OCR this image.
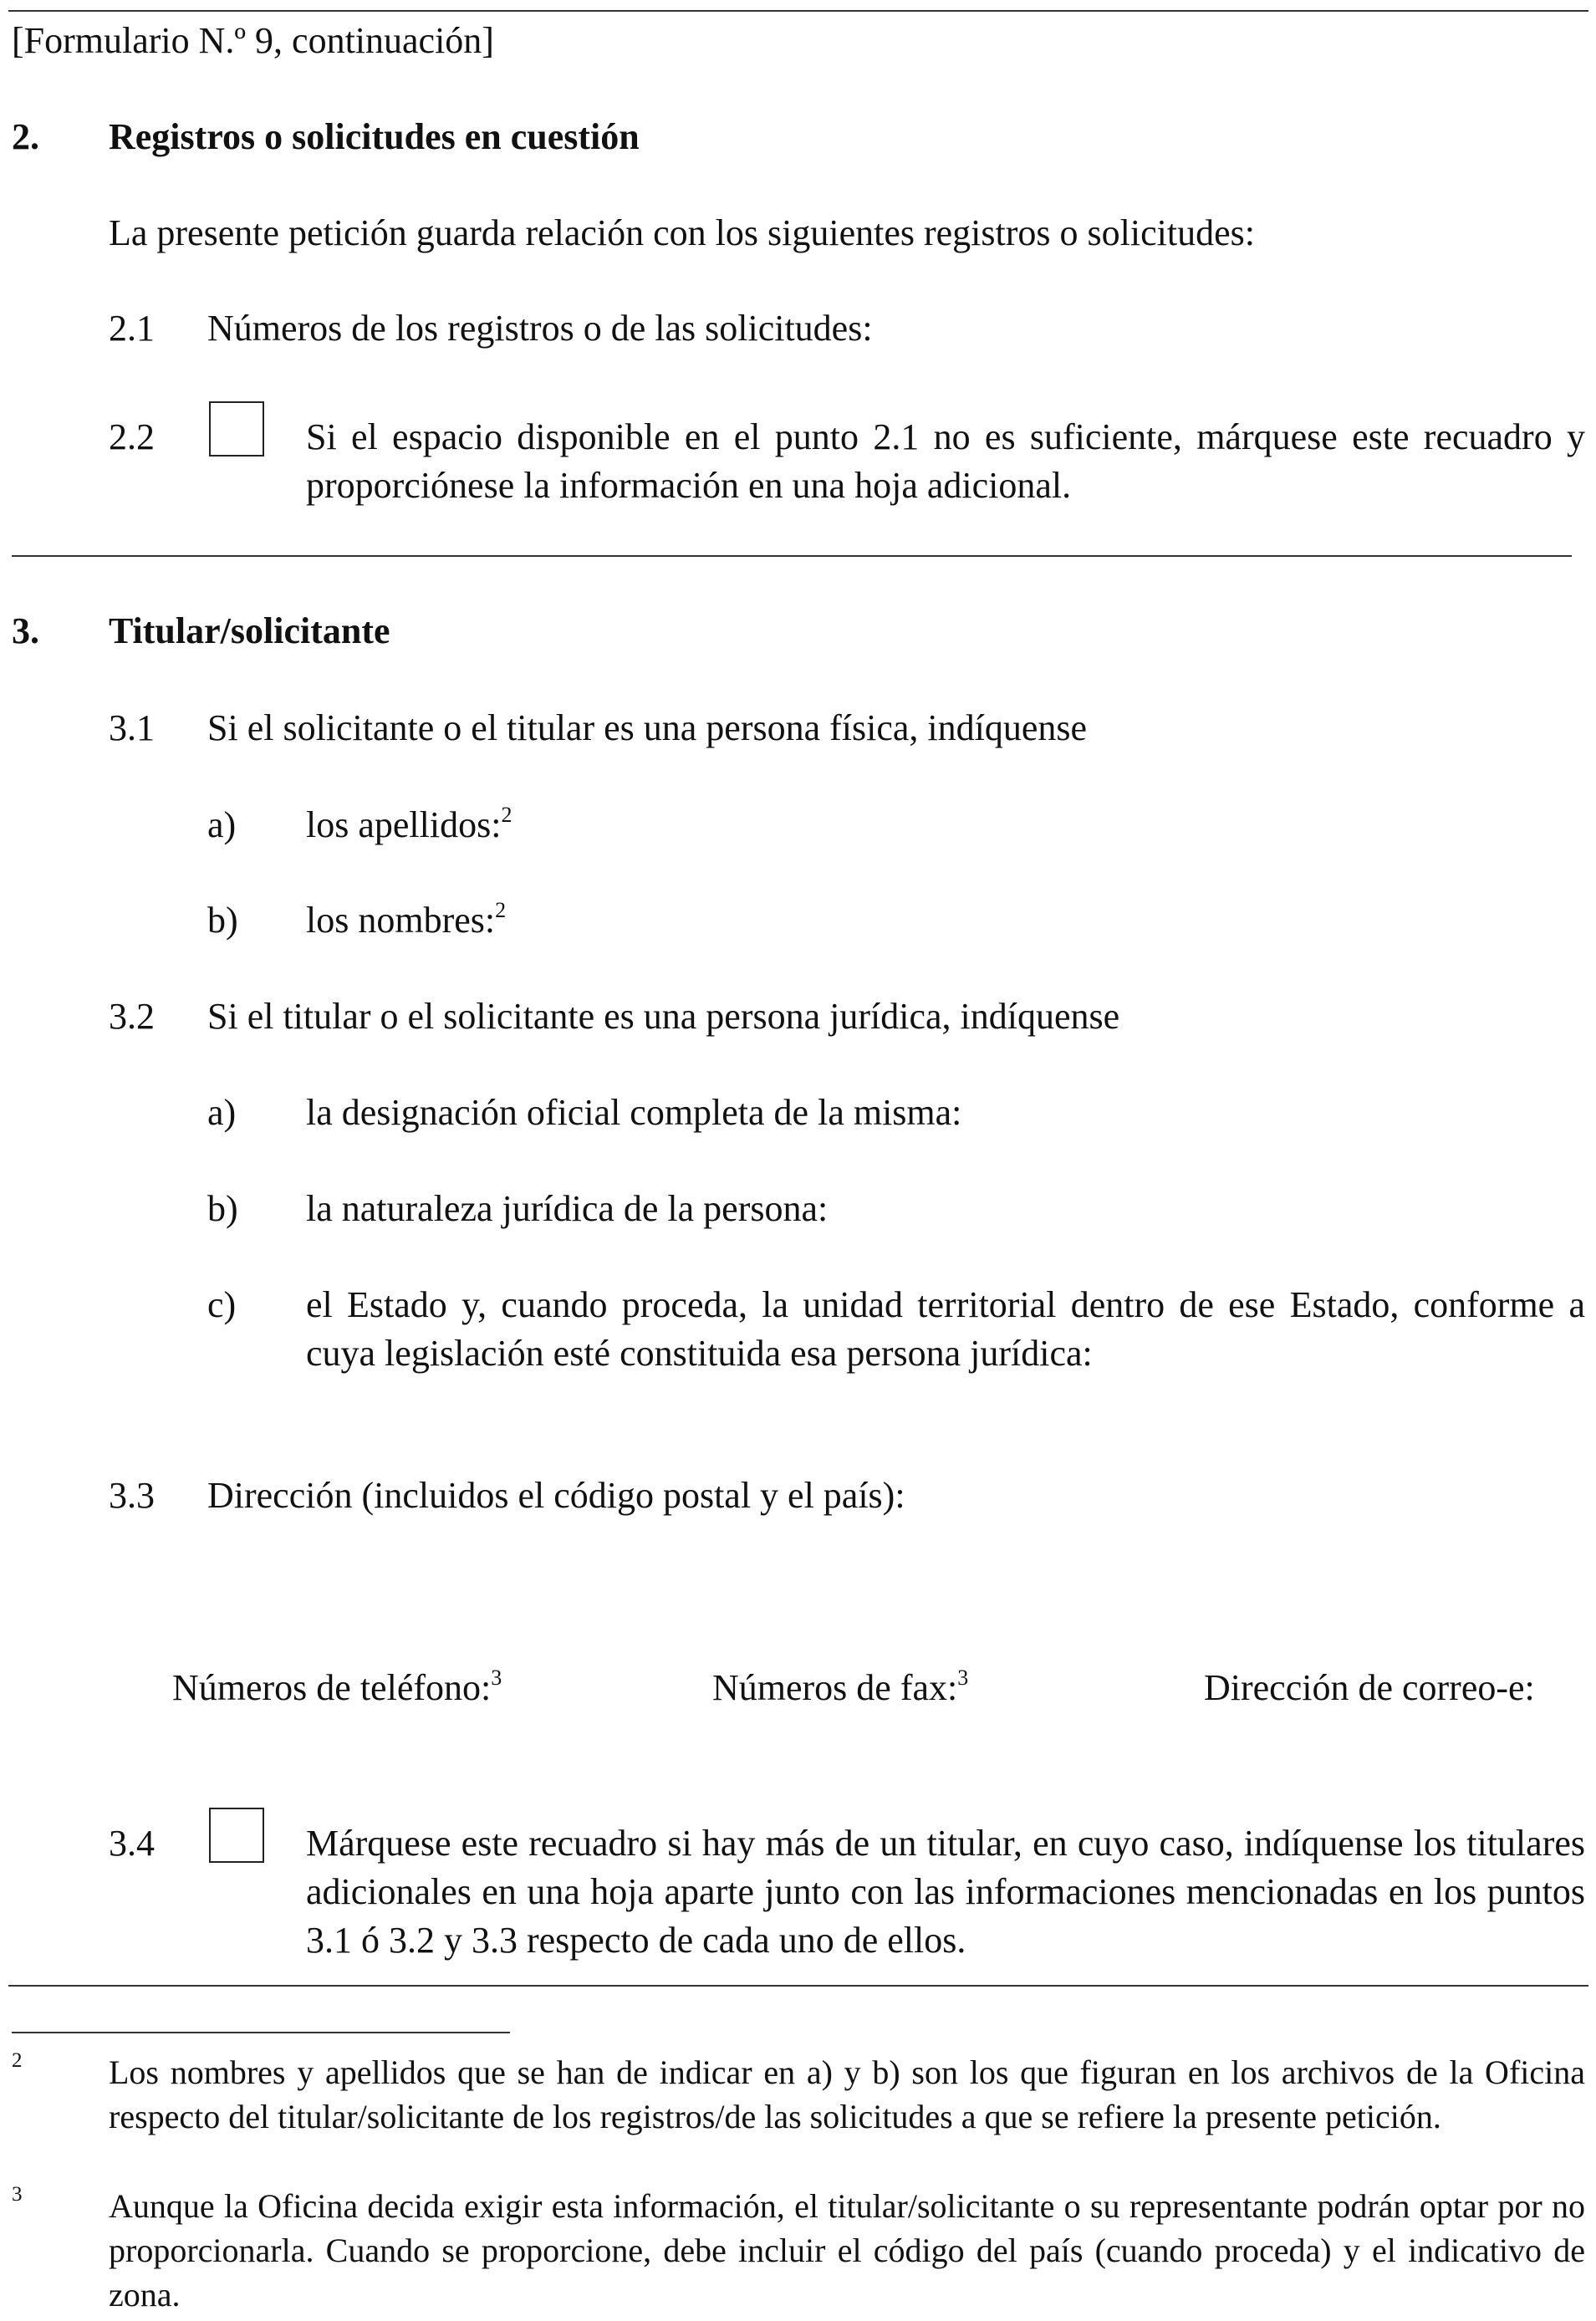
[Formulario N.º 9, continuación]
2. Registros o solicitudes en cuestión
La presente petición guarda relación con los siguientes registros o solicitudes:
2.1 Números de los registros o de las solicitudes:
2.2	Si el espacio disponible en el punto 2.1 no es suficiente, márquese este recuadro y proporciónese la información en una hoja adicional.
3. Titular/solicitante
3.1 Si el solicitante o el titular es una persona física, indíquense
a) los apellidos:$^2$
b) los nombres:$^2$
3.2 Si el titular o el solicitante es una persona jurídica, indíquense
a) la designación oficial completa de la misma:
b) la naturaleza jurídica de la persona:
c) el Estado y, cuando proceda, la unidad territorial dentro de ese Estado, conforme a cuya legislación esté constituida esa persona jurídica:
3.3 Dirección (incluidos el código postal y el país):
Números de teléfono:$^3$	Números de fax:$^3$	Dirección de correo-e:
3.4	Márquese este recuadro si hay más de un titular, en cuyo caso, indíquense los titulares adicionales en una hoja aparte junto con las informaciones mencionadas en los puntos 3.1 ó 3.2 y 3.3 respecto de cada uno de ellos.
2	Los nombres y apellidos que se han de indicar en a) y b) son los que figuran en los archivos de la Oficina respecto del titular/solicitante de los registros/de las solicitudes a que se refiere la presente petición.
3	Aunque la Oficina decida exigir esta información, el titular/solicitante o su representante podrán optar por no proporcionarla. Cuando se proporcione, debe incluir el código del país (cuando proceda) y el indicativo de zona.
